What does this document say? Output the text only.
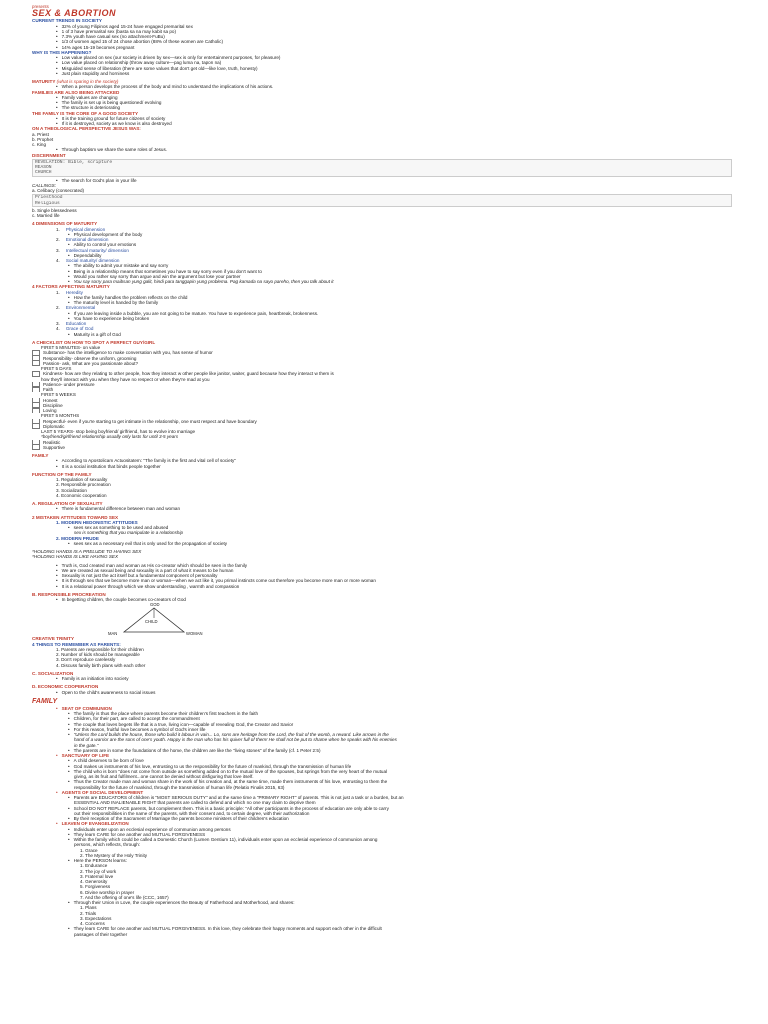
presents
SEX & ABORTION
CURRENT TRENDS IN SOCIETY
• 32% of young Filipinos aged 15-24 have engaged premarital sex
• 1 of 3 have premarital sex (basta sa na may kabit sa po)
• 7.3% youth have casual sex (no attachment-FuBu)
• 1/3 of women aged 15 of 24 chose abortion (88% of these women are Catholic)
• 14% ages 15-19 becomes pregnant
WHY IS THIS HAPPENING?
• Low value placed on sex (our society is driven by sex—sex is only for entertainment purposes, for pleasure)
• Low value placed on relationship (throw away culture—pag luma na, tapon na)
• Misguided sense of liberation (there are some values that don't get old—like love, truth, honesty)
• Just plain stupidity and horniness
MATURITY (what is sparing in the society)
• When a person develops the process of the body and mind to understand the implications of his actions.
FAMILIES ARE ALSO BEING ATTACKED
• Family values are changing
• The family is set up is being questioned/ evolving
• The structure is deteriorating
THE FAMILY IS THE CORE OF A GOOD SOCIETY
• It is the training ground for future citizens of society
• If it is destroyed, society as we know is also destroyed
ON A THEOLOGICAL PERSPECTIVE JESUS WAS:
a. Priest
b. Prophet
c. King
• Through baptism we share the same roles of Jesus.
DISCERNMENT
REVELATION: Bible, scripture
REASON
CHURCH
• The search for God's plan in your life
CALLINGS:
a. Celibacy (consecrated)
Priesthood
Religious
b. Single blessedness
c. Married life
4 DIMENSIONS OF MATURITY
1. Physical dimension
• Physical development of the body
2. Emotional dimension
• Ability to control your emotions
3. Intellectual maturity/ dimension
• Dependability
4. Social maturity/ dimension
• The ability to admit your mistake and say sorry
• Being in a relationship means that sometimes you have to say sorry even if you don't want to
• Would you rather say sorry than argue and win the argument but lose your partner
• You say sorry para maibsan yung galit, hindi para tanggapin yung problema. Pag kamada na sayo pareho, then you talk about it
4 FACTORS AFFECTING MATURITY
1. Heredity
• How the family handles the problem reflects on the child
• The maturity level is handed by the family
2. Environmental
• If you are leaving inside a bubble, you are not going to be mature. You have to experience pain, heartbreak, brokenness.
• You have to experience being broken
3. Education
4. Grace of God
• Maturity is a gift of God
A CHECKLIST ON HOW TO SPOT A PERFECT GUY/GIRL
FIRST 5 MINUTES- on value
Substance- has the intelligence to make conversation with you, has sense of humor
Responsibility- observe the uniform, grooming
Passion- ask, What are you passionate about?
FIRST 5 DAYS
Kindness- how are they relating to other people, how they interact w other people like janitor, waiter, guard because how they interact w them is
how they'll interact with you when they have no respect or when they're mad at you
Patience- under pressure
Faith
FIRST 5 WEEKS
Honest
Discipline
Loving
FIRST 5 MONTHS
Respectful- even if you're starting to get intimate in the relationship, one must respect and have boundary
Diplomatic
LAST 5 YEARS- stop being boyfriend/ girlfriend, has to evolve into marriage
*boyfriend/girlfriend relationship usually only lasts for until 3-5 years
Realistic
Supportive
FAMILY
• According to Apostolicam Actuositatem: "The family is the first and vital cell of society"
• It is a social institution that binds people together
FUNCTION OF THE FAMILY
1. Regulation of sexuality
2. Responsible procreation
3. Socialization
4. Economic cooperation
A. REGULATION OF SEXUALITY
• There is fundamental difference between man and woman
2 MISTAKEN ATTITUDES TOWARD SEX
1. MODERN HEDONISTIC ATTITUDES
• sees sex as something to be used and abused
sex is something that you manipulate in a relationship
2. MODERN PRUDE
• sees sex as a necessary evil that is only used for the propagation of society
*HOLDING HANDS IS A PRELUDE TO HAVING SEX
*HOLDING HANDS IS LIKE HAVING SEX
• Truth is, God created man and woman as His co-creator which should be seen in the family
• We are created as sexual being and sexuality is a part of what it means to be human
• Sexuality is not just the act itself but a fundamental component of personality
• It is through sex that we become more man or woman—when we act like it, you primal instincts come out therefore you become more man or more woman
• It is a relational power through which we show understanding , warmth and compassion
B. RESPONSIBLE PROCREATION
• In begetting children, the couple becomes co-creators of God
GOD
CHILD
MAN	WOMAN
CREATIVE TRINITY
4 THINGS TO REMEMBER AS PARENTS:
1. Parents are responsible for their children
2. Number of kids should be manageable
3. Don't reproduce carelessly
4. Discuss family birth plans with each other
C. SOCIALIZATION
• Family is an initiation into society
D. ECONOMIC COOPERATION
• Open to the child's awareness to social issues
FAMILY
• SEAT OF COMMUNION
• The family is thus the place where parents become their children's first teachers in the faith
• Children, for their part, are called to accept the commandment
• The couple that loves begets life that is a true, living icon—capable of revealing God, the Creator and Savior
• For this reason, fruitful love becomes a symbol of God's inner life
• "Unless the Lord builds the house, those who build it labour in vain... Lo, sons are heritage from the Lord, the fruit of the womb, a reward. Like arrows in the
hand of a warrior are the sons of one's youth. Happy is the man who has his quiver full of them! He shall not be put to shame when he speaks with his enemies
in the gate."
• The parents are in some the foundations of the home, the children are like the "living stones" of the family (cf. 1 Peter 2:5)
• SANCTUARY OF LIFE
• A child deserves to be born of love
• God makes us instruments of his love, entrusting to us the responsibility for the future of mankind, through the transmission of human life
• The child who is born "does not come from outside as something added on to the mutual love of the spouses, but springs from the very heart of the mutual
giving, as its fruit and fulfilment...one cannot be denied without disfiguring that love itself.
• Thus the Creator made man and woman share in the work of his creation and, at the same time, made them instruments of his love, entrusting to them the
responsibility for the future of mankind, through the transmission of human life (Relatio Finalis 2015, 63)
• AGENTS OF SOCIAL DEVELOPMENT
• Parents are EDUCATORS of children is "MOST SERIOUS DUTY" and at the same time a "PRIMARY RIGHT" of parents. This is not just a task or a burden, but an
ESSENTIAL AND INALIENABLE RIGHT that parents are called to defend and which no one may claim to deprive them
• School DO NOT REPLACE parents, but complement them. This is a basic principle: "All other participants in the process of education are only able to carry
out their responsibilities in the name of the parents, with their consent and, to certain degree, with their authorization
• By their reception of the Sacrament of Marriage the parents become ministers of their children's education
• LEAVEN OF EVANGELIZATION
• Individuals enter upon an ecclesial experience of communion among persons
• They learn CARE for one another and MUTUAL FORGIVENESS
• Within the family which could be called a Domestic Church (Lumen Gentium 11), individuals enter upon an ecclesial experience of communion among
persons, which reflects, through:
1. Grace
2. The Mystery of the Holy Trinity
• Here the PERSON learns:
1. Endurance
2. The joy of work
3. Fraternal love
4. Generosity
5. Forgiveness
6. Divine worship in prayer
7. And the offering of one's life (CCC, 1657)
• Through their Union in Love, the couple experiences the Beauty of Fatherhood and Motherhood, and shares:
1. Plans
2. Trials
3. Expectations
4. Concerns
• They learn CARE for one another and MUTUAL FORGIVENESS. In this love, they celebrate their happy moments and support each other in the difficult
passages of their together
